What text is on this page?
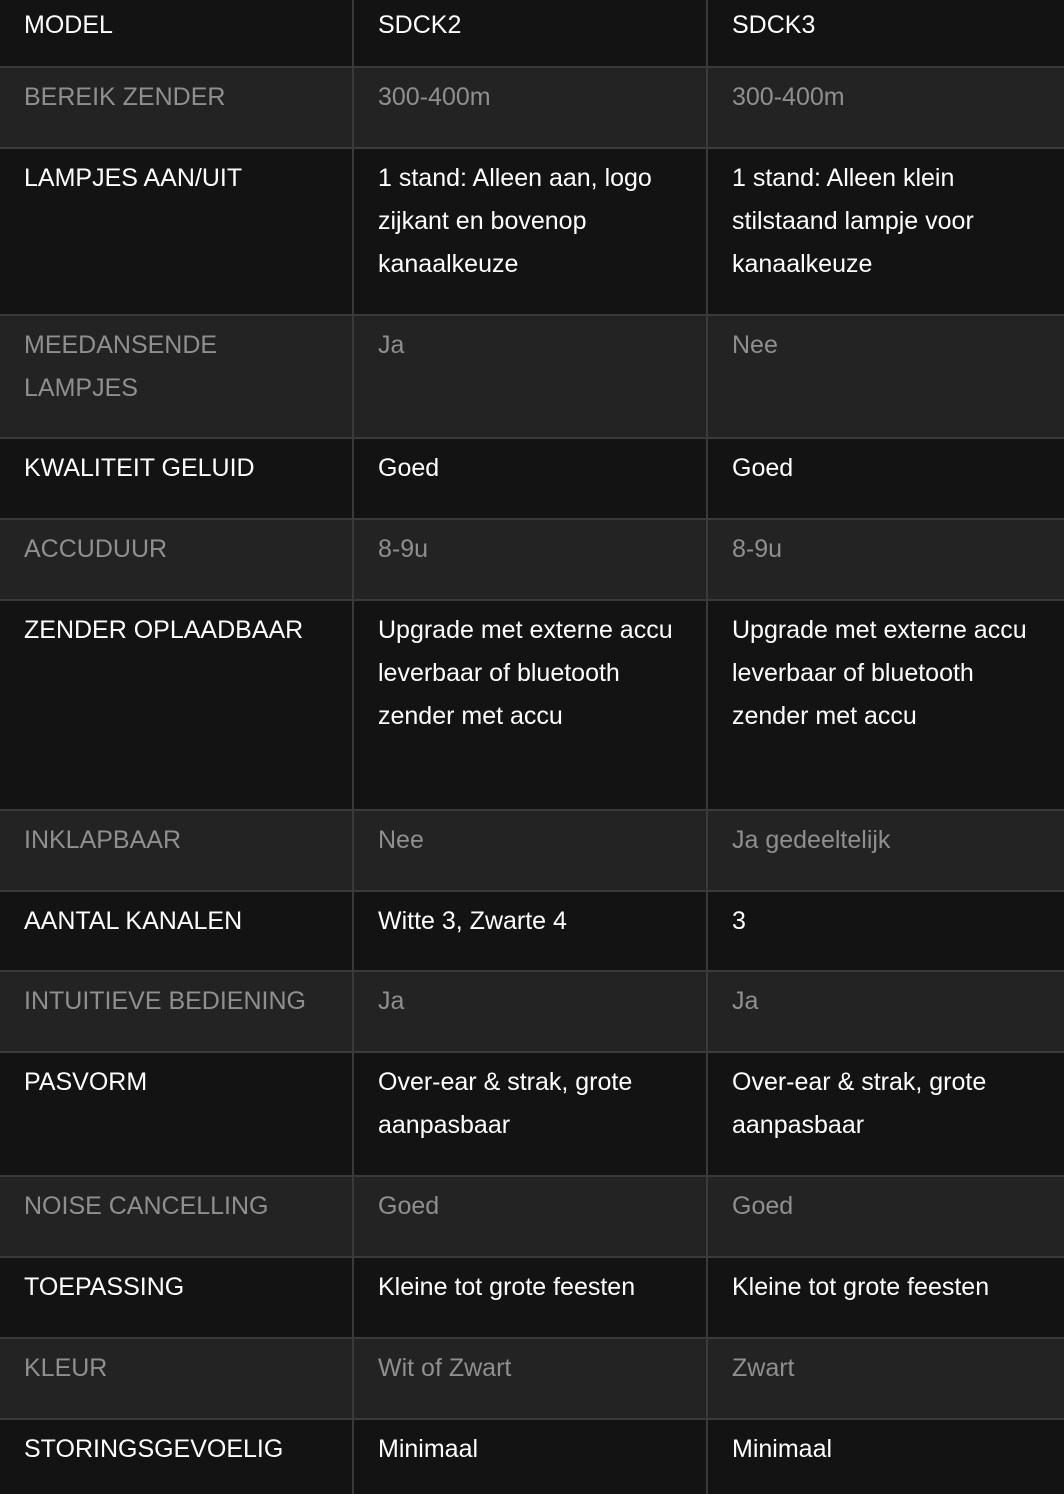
MODEL	SDCK2	SDCK3
BEREIK ZENDER	300-400m	300-400m
LAMPJES AAN/UIT	1 stand: Alleen aan, logo zijkant en bovenop kanaalkeuze	1 stand: Alleen klein stilstaand lampje voor kanaalkeuze
MEEDANSENDE LAMPJES	Ja	Nee
KWALITEIT GELUID	Goed	Goed
ACCUDUUR	8-9u	8-9u
ZENDER OPLAADBAAR	Upgrade met externe accu leverbaar of bluetooth zender met accu	Upgrade met externe accu leverbaar of bluetooth zender met accu
INKLAPBAAR	Nee	Ja gedeeltelijk
AANTAL KANALEN	Witte 3, Zwarte 4	3
INTUITIEVE BEDIENING	Ja	Ja
PASVORM	Over-ear & strak, grote aanpasbaar	Over-ear & strak, grote aanpasbaar
NOISE CANCELLING	Goed	Goed
TOEPASSING	Kleine tot grote feesten	Kleine tot grote feesten
KLEUR	Wit of Zwart	Zwart
STORINGSGEVOELIG	Minimaal	Minimaal
